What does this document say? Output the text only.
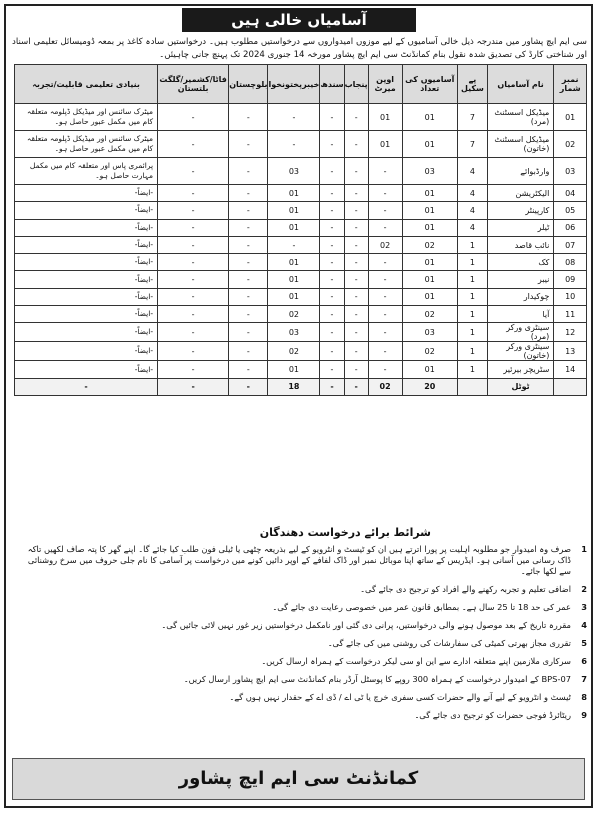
آسامیاں خالی ہیں
سی ایم ایچ پشاور میں مندرجہ ذیل خالی آسامیوں کے لیے موزوں امیدواروں سے درخواستیں مطلوب ہیں۔ درخواستیں سادہ کاغذ پر بمعہ ڈومیسائل تعلیمی اسناد اور شناختی کارڈ کی تصدیق شدہ نقول بنام کمانڈنٹ سی ایم ایچ پشاور مورخہ 14 جنوری 2024 تک پہنچ جانی چاہیئں۔
نمبر شمار	نام آسامیاں	پے سکیل	آسامیوں کی تعداد	اوپن میرٹ	پنجاب	سندھ	خیبرپختونخوا	بلوچستان	فاٹا/کشمیر/گلگت بلتستان	بنیادی تعلیمی قابلیت/تجربہ
01	میڈیکل اسسٹنٹ (مرد)	7	01	01	-	-	-	-	-	میٹرک سائنس اور میڈیکل ڈپلومہ متعلقہ کام میں مکمل عبور حاصل ہو۔
02	میڈیکل اسسٹنٹ (خاتون)	7	01	01	-	-	-	-	-	میٹرک سائنس اور میڈیکل ڈپلومہ متعلقہ کام میں مکمل عبور حاصل ہو۔
03	وارڈبوائے	4	03	-	-	-	03	-	-	پرائمری پاس اور متعلقہ کام میں مکمل مہارت حاصل ہو۔
04	الیکٹریشن	4	01	-	-	-	01	-	-	-ایضاً-
05	کارپینٹر	4	01	-	-	-	01	-	-	-ایضاً-
06	ٹیلر	4	01	-	-	-	01	-	-	-ایضاً-
07	نائب قاصد	1	02	02	-	-	-	-	-	-ایضاً-
08	کک	1	01	-	-	-	01	-	-	-ایضاً-
09	نیبر	1	01	-	-	-	01	-	-	-ایضاً-
10	چوکیدار	1	01	-	-	-	01	-	-	-ایضاً-
11	آیا	1	02	-	-	-	02	-	-	-ایضاً-
12	سینٹری ورکر (مرد)	1	03	-	-	-	03	-	-	-ایضاً-
13	سینٹری ورکر (خاتون)	1	02	-	-	-	02	-	-	-ایضاً-
14	سٹریچر بیرئیر	1	01	-	-	-	01	-	-	-ایضاً-
	ٹوٹل		20	02	-	-	18	-	-	-
شرائط برائے درخواست دھندگان
1
صرف وہ امیدوار جو مطلوبہ اہلیت پر پورا اترتے ہیں ان کو ٹیسٹ و انٹرویو کے لیے بذریعہ چٹھی یا ٹیلی فون طلب کیا جائے گا۔ اپنے گھر کا پتہ صاف لکھیں تاکہ ڈاک رسانی میں آسانی ہو۔ ایڈریس کے ساتھ اپنا موبائل نمبر اور ڈاک لفافے کے اوپر دائیں کونے میں درخواست پر آسامی کا نام جلی حروف میں سرخ روشنائی سے لکھا جائے۔
2
اضافی تعلیم و تجربہ رکھنے والے افراد کو ترجیح دی جائے گی۔
3
عمر کی حد 18 تا 25 سال ہے۔ بمطابق قانون عمر میں خصوصی رعایت دی جائے گی۔
4
مقررہ تاریخ کے بعد موصول ہونے والی درخواستیں، پرانی دی گئی اور نامکمل درخواستیں زیر غور نہیں لائی جائیں گی۔
5
تقرری مجاز بھرتی کمیٹی کی سفارشات کی روشنی میں کی جائے گی۔
6
سرکاری ملازمین اپنے متعلقہ ادارے سے این او سی لیکر درخواست کے ہمراہ ارسال کریں۔
7
BPS-07 کے امیدوار درخواست کے ہمراہ 300 روپے کا پوسٹل آرڈر بنام کمانڈنٹ سی ایم ایچ پشاور ارسال کریں۔
8
ٹیسٹ و انٹرویو کے لیے آنے والے حضرات کسی سفری خرچ یا ٹی اے / ڈی اے کے حقدار نہیں ہوں گے۔
9
ریٹائرڈ فوجی حضرات کو ترجیح دی جائے گی۔
کمانڈنٹ سی ایم ایچ پشاور
